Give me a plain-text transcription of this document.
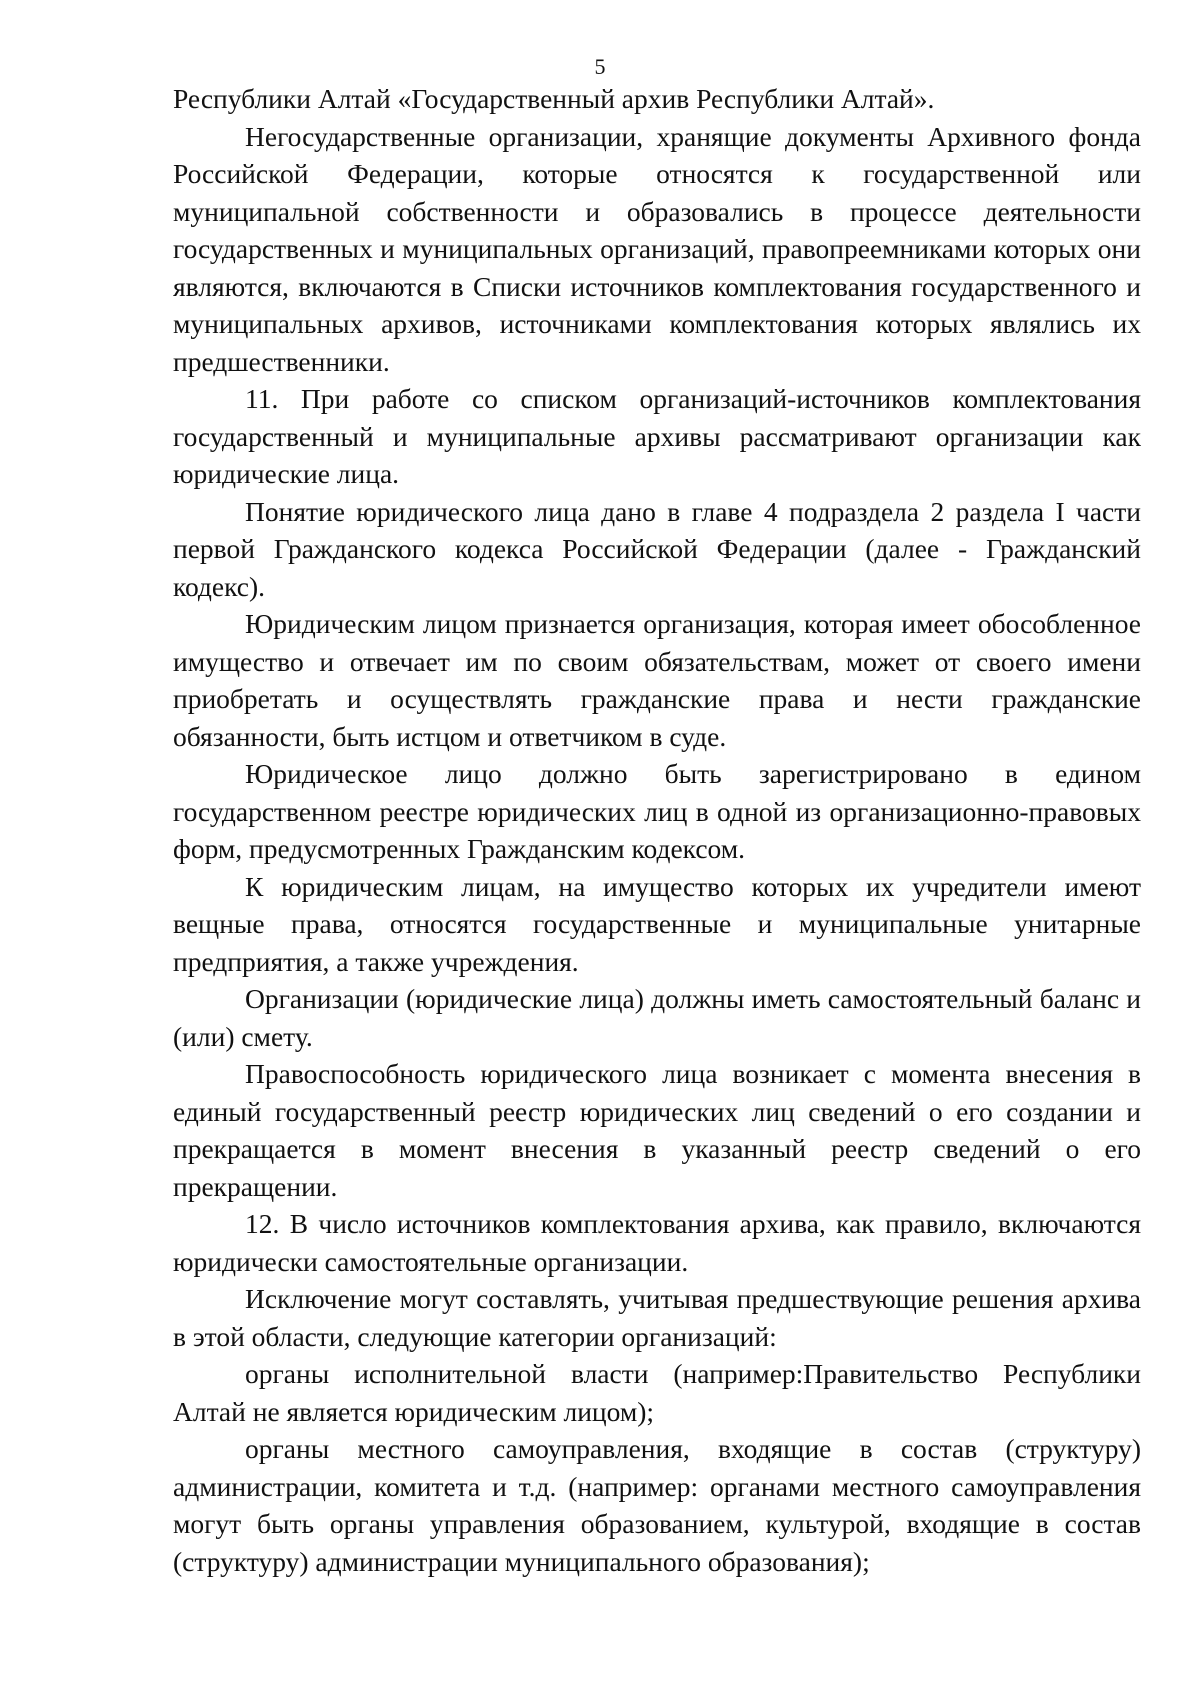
5

Республики Алтай «Государственный архив Республики Алтай».

Негосударственные организации, хранящие документы Архивного фонда Российской Федерации, которые относятся к государственной или муниципальной собственности и образовались в процессе деятельности государственных и муниципальных организаций, правопреемниками которых они являются, включаются в Списки источников комплектования государственного и муниципальных архивов, источниками комплектования которых являлись их предшественники.

11. При работе со списком организаций-источников комплектования государственный и муниципальные архивы рассматривают организации как юридические лица.

Понятие юридического лица дано в главе 4 подраздела 2 раздела I части первой Гражданского кодекса Российской Федерации (далее - Гражданский кодекс).

Юридическим лицом признается организация, которая имеет обособленное имущество и отвечает им по своим обязательствам, может от своего имени приобретать и осуществлять гражданские права и нести гражданские обязанности, быть истцом и ответчиком в суде.

Юридическое лицо должно быть зарегистрировано в едином государственном реестре юридических лиц в одной из организационно-правовых форм, предусмотренных Гражданским кодексом.

К юридическим лицам, на имущество которых их учредители имеют вещные права, относятся государственные и муниципальные унитарные предприятия, а также учреждения.

Организации (юридические лица) должны иметь самостоятельный баланс и (или) смету.

Правоспособность юридического лица возникает с момента внесения в единый государственный реестр юридических лиц сведений о его создании и прекращается в момент внесения в указанный реестр сведений о его прекращении.

12. В число источников комплектования архива, как правило, включаются юридически самостоятельные организации.

Исключение могут составлять, учитывая предшествующие решения архива в этой области, следующие категории организаций:

органы исполнительной власти (например:Правительство Республики Алтай не является юридическим лицом);

органы местного самоуправления, входящие в состав (структуру) администрации, комитета и т.д. (например: органами местного самоуправления могут быть органы управления образованием, культурой, входящие в состав (структуру) администрации муниципального образования);
